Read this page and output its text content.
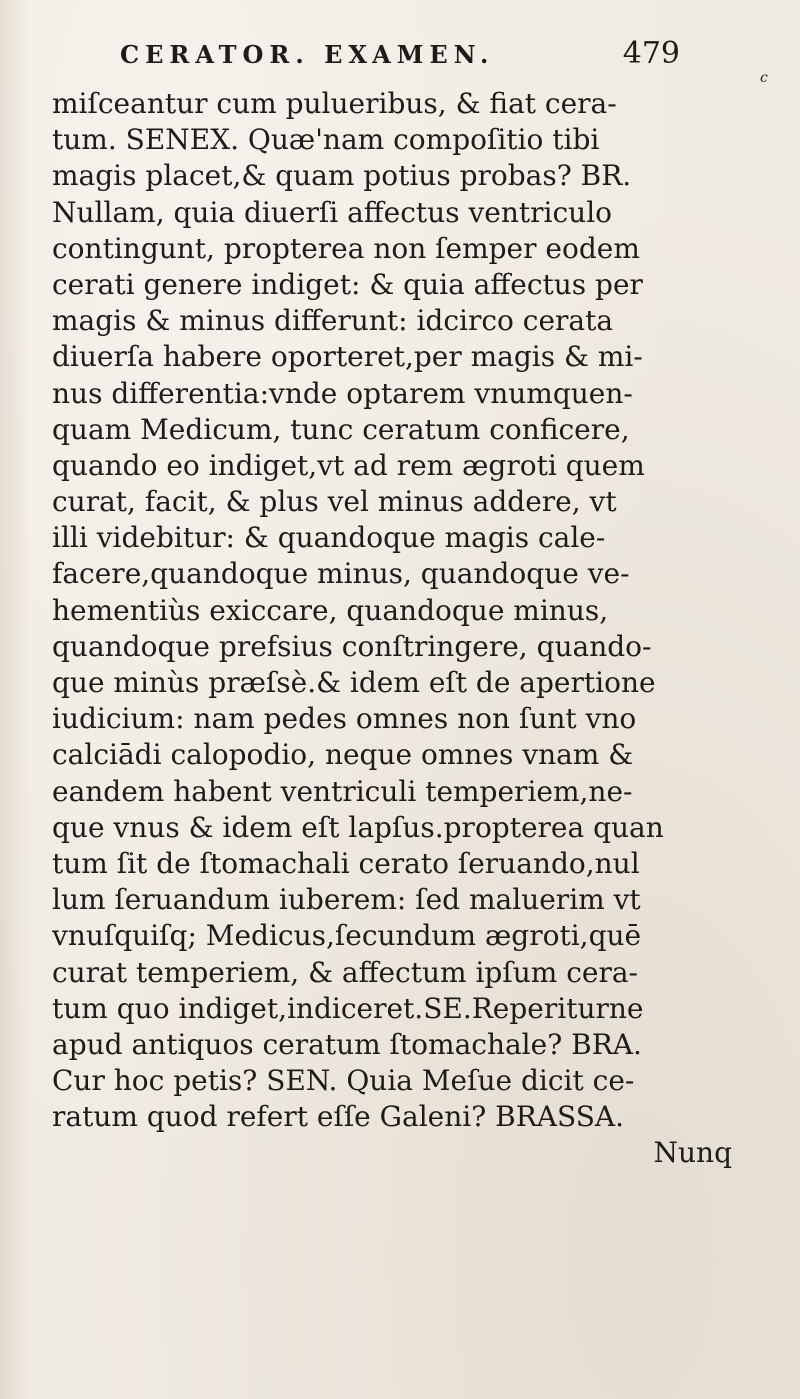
CERATOR. EXAMEN.	479
c
miſceantur cum pulueribus, & fiat cera-
tum. SENEX. Quæ'nam compoſitio tibi
magis placet,& quam potius probas? BR.
Nullam, quia diuerſi affectus ventriculo
contingunt, propterea non ſemper eodem
cerati genere indiget: & quia affectus per
magis & minus differunt: idcirco cerata
diuerſa habere oporteret,per magis & mi-
nus differentia:vnde optarem vnumquen-
quam Medicum, tunc ceratum conficere,
quando eo indiget,vt ad rem ægroti quem
curat, facit, & plus vel minus addere, vt
illi videbitur: & quandoque magis cale-
facere,quandoque minus, quandoque ve-
hementiùs exiccare, quandoque minus,
quandoque prefsius conſtringere, quando-
que minùs præſsè.& idem eſt de apertione
iudicium: nam pedes omnes non ſunt vno
calciādi calopodio, neque omnes vnam &
eandem habent ventriculi temperiem,ne-
que vnus & idem eſt lapſus.propterea quan
tum ſit de ſtomachali cerato ſeruando,nul
lum ſeruandum iuberem: ſed maluerim vt
vnuſquiſq; Medicus,ſecundum ægroti,quē
curat temperiem, & affectum ipſum cera-
tum quo indiget,indiceret.SE.Reperiturne
apud antiquos ceratum ſtomachale? BRA.
Cur hoc petis? SEN. Quia Meſue dicit ce-
ratum quod refert eſſe Galeni? BRASSA.
Nunq
